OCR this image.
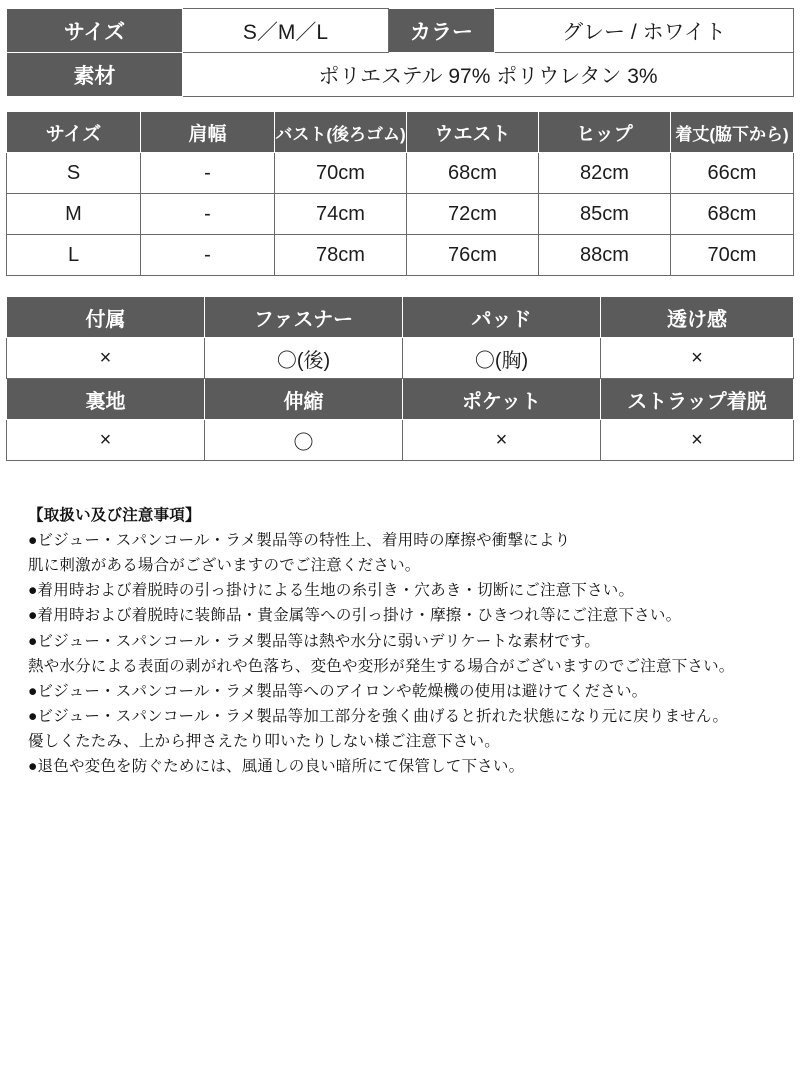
サイズ	S／M／L	カラー	グレー / ホワイト
素材	ポリエステル 97% ポリウレタン 3%		
サイズ	肩幅	バスト(後ろゴム)	ウエスト	ヒップ	着丈(脇下から)
S	-	70cm	68cm	82cm	66cm
M	-	74cm	72cm	85cm	68cm
L	-	78cm	76cm	88cm	70cm
付属	ファスナー	パッド	透け感
×	〇(後)	〇(胸)	×
裏地	伸縮	ポケット	ストラップ着脱
×	〇	×	×
【取扱い及び注意事項】
●ビジュー・スパンコール・ラメ製品等の特性上、着用時の摩擦や衝撃により
肌に刺激がある場合がございますのでご注意ください。
●着用時および着脱時の引っ掛けによる生地の糸引き・穴あき・切断にご注意下さい。
●着用時および着脱時に装飾品・貴金属等への引っ掛け・摩擦・ひきつれ等にご注意下さい。
●ビジュー・スパンコール・ラメ製品等は熱や水分に弱いデリケートな素材です。
熱や水分による表面の剥がれや色落ち、変色や変形が発生する場合がございますのでご注意下さい。
●ビジュー・スパンコール・ラメ製品等へのアイロンや乾燥機の使用は避けてください。
●ビジュー・スパンコール・ラメ製品等加工部分を強く曲げると折れた状態になり元に戻りません。
優しくたたみ、上から押さえたり叩いたりしない様ご注意下さい。
●退色や変色を防ぐためには、風通しの良い暗所にて保管して下さい。
